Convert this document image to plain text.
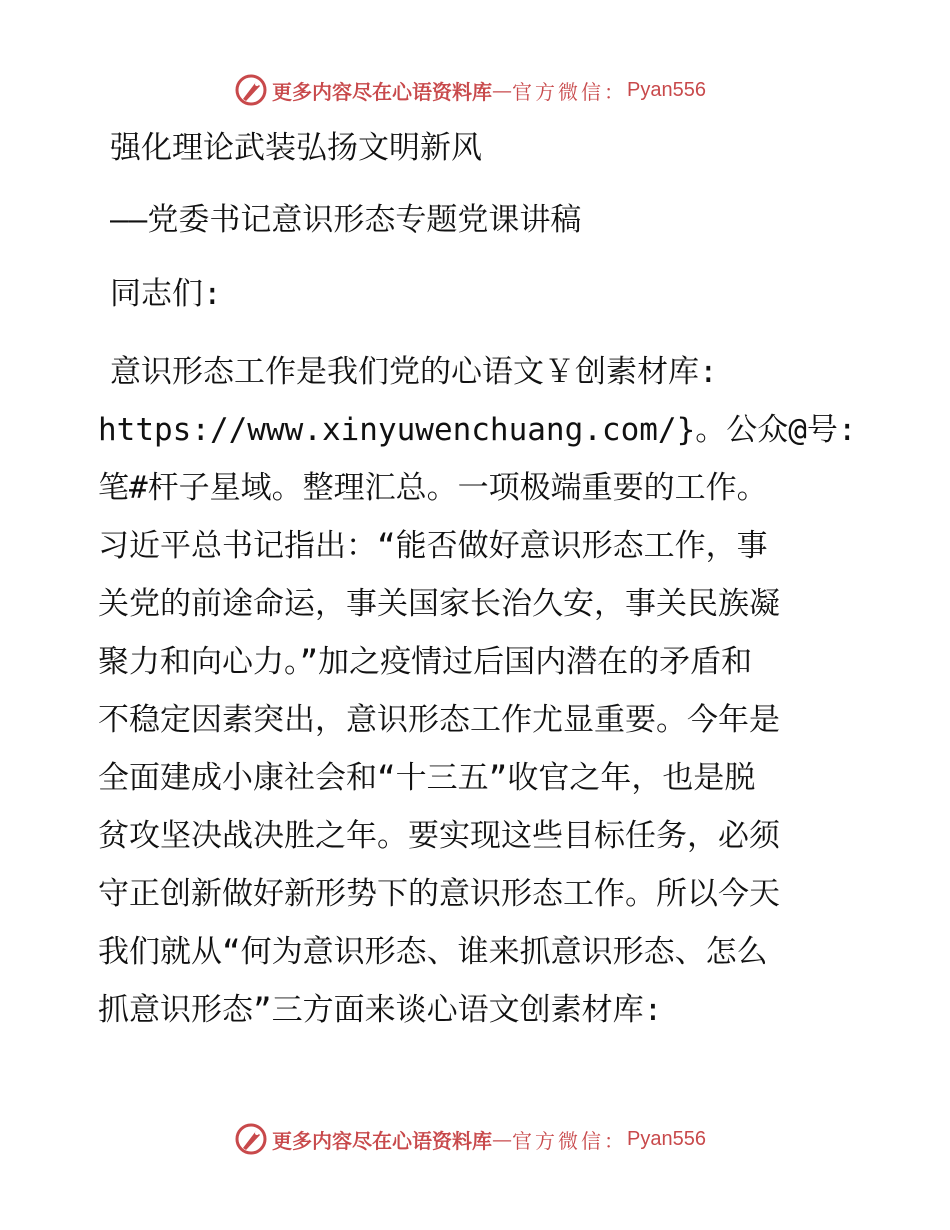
更多内容尽在心语资料库 — 官方微信： Pyan556
强化理论武装弘扬文明新风
——党委书记意识形态专题党课讲稿
同志们:
意识形态工作是我们党的心语文￥创素材库:
https://www.xinyuwenchuang.com/}。公众@号:
笔#杆子星域。整理汇总。一项极端重要的工作。
习近平总书记指出：“能否做好意识形态工作，事
关党的前途命运，事关国家长治久安，事关民族凝
聚力和向心力。”加之疫情过后国内潜在的矛盾和
不稳定因素突出，意识形态工作尤显重要。今年是
全面建成小康社会和“十三五”收官之年，也是脱
贫攻坚决战决胜之年。要实现这些目标任务，必须
守正创新做好新形势下的意识形态工作。所以今天
我们就从“何为意识形态、谁来抓意识形态、怎么
抓意识形态”三方面来谈心语文创素材库:
更多内容尽在心语资料库 — 官方微信： Pyan556
